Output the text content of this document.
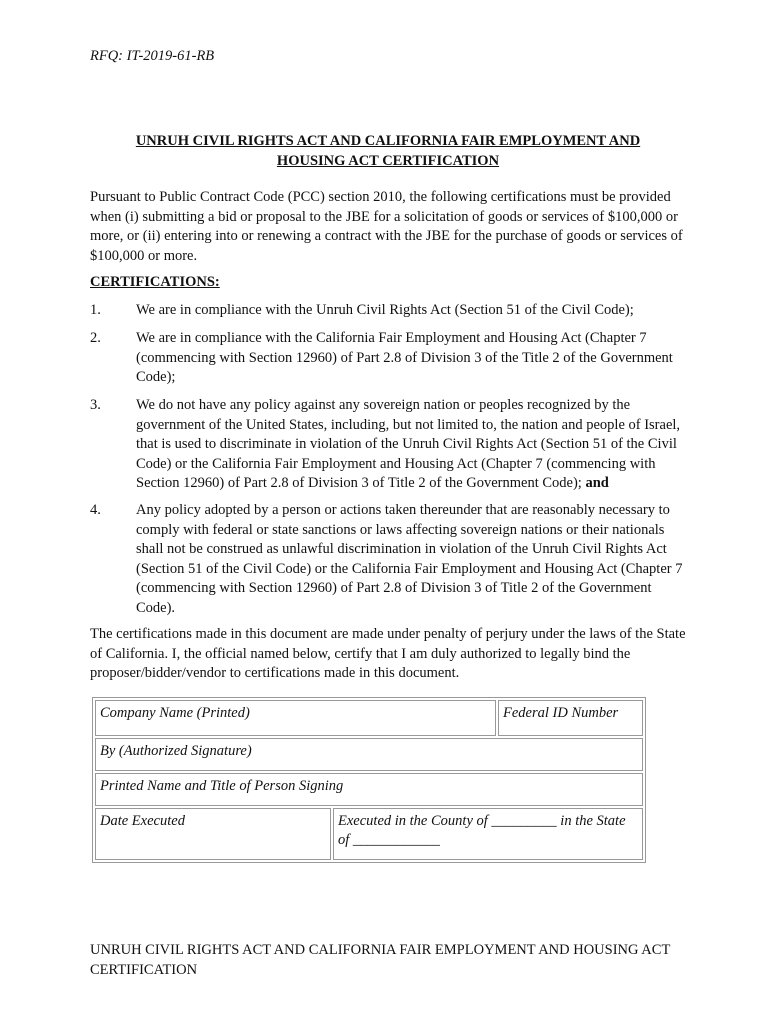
RFQ: IT-2019-61-RB
UNRUH CIVIL RIGHTS ACT AND CALIFORNIA FAIR EMPLOYMENT AND
HOUSING ACT CERTIFICATION
Pursuant to Public Contract Code (PCC) section 2010, the following certifications must be provided when (i) submitting a bid or proposal to the JBE for a solicitation of goods or services of $100,000 or more, or (ii) entering into or renewing a contract with the JBE for the purchase of goods or services of $100,000 or more.
CERTIFICATIONS:
1. We are in compliance with the Unruh Civil Rights Act (Section 51 of the Civil Code);
2. We are in compliance with the California Fair Employment and Housing Act (Chapter 7 (commencing with Section 12960) of Part 2.8 of Division 3 of the Title 2 of the Government Code);
3. We do not have any policy against any sovereign nation or peoples recognized by the government of the United States, including, but not limited to, the nation and people of Israel, that is used to discriminate in violation of the Unruh Civil Rights Act (Section 51 of the Civil Code) or the California Fair Employment and Housing Act (Chapter 7 (commencing with Section 12960) of Part 2.8 of Division 3 of Title 2 of the Government Code); and
4. Any policy adopted by a person or actions taken thereunder that are reasonably necessary to comply with federal or state sanctions or laws affecting sovereign nations or their nationals shall not be construed as unlawful discrimination in violation of the Unruh Civil Rights Act (Section 51 of the Civil Code) or the California Fair Employment and Housing Act (Chapter 7 (commencing with Section 12960) of Part 2.8 of Division 3 of Title 2 of the Government Code).
The certifications made in this document are made under penalty of perjury under the laws of the State of California. I, the official named below, certify that I am duly authorized to legally bind the proposer/bidder/vendor to certifications made in this document.
Company Name (Printed)		Federal ID Number
By (Authorized Signature)		
Printed Name and Title of Person Signing		
Date Executed	Executed in the County of _________ in the State of ____________	
UNRUH CIVIL RIGHTS ACT AND CALIFORNIA FAIR EMPLOYMENT AND HOUSING ACT CERTIFICATION
